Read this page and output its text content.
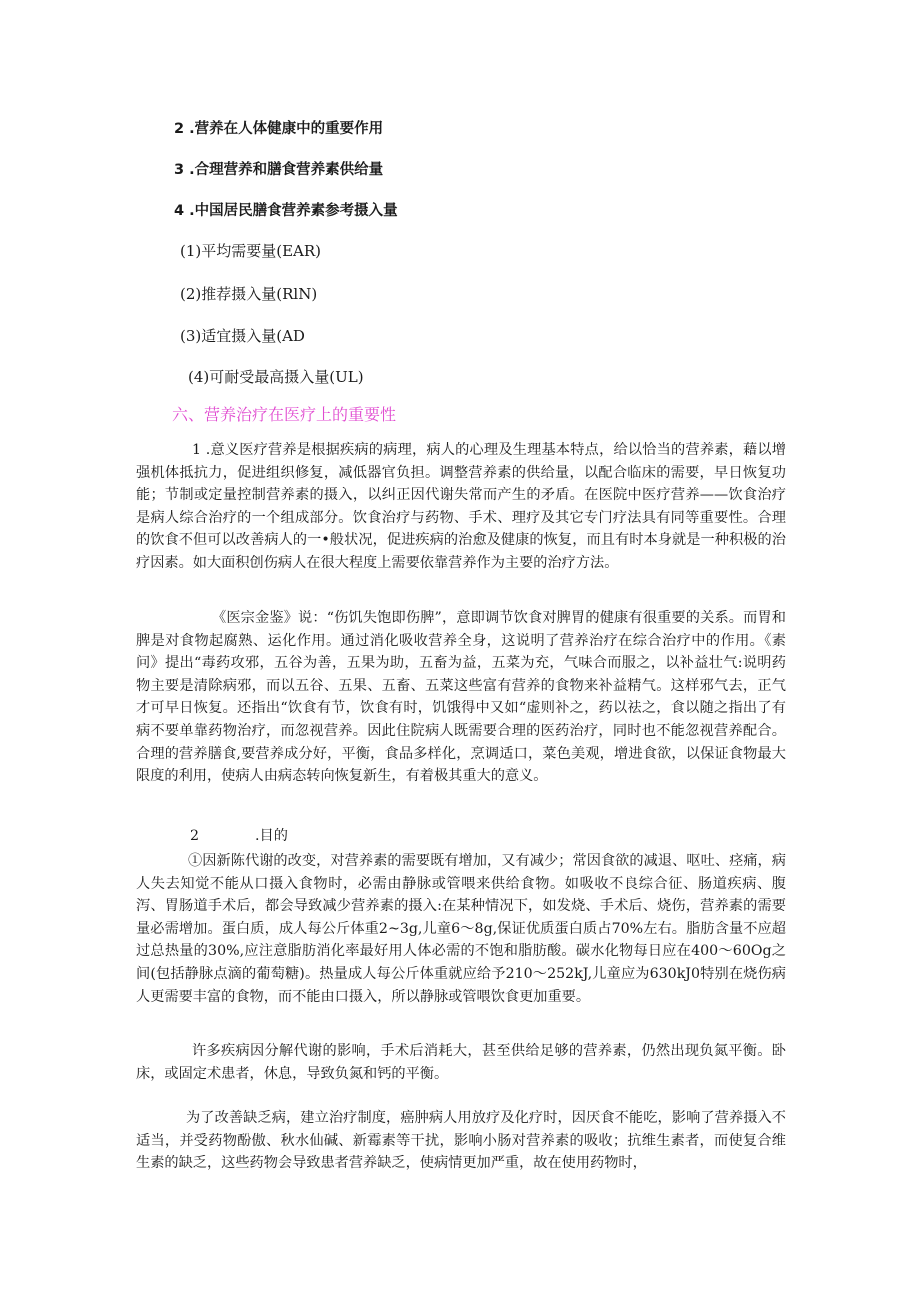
2 .营养在人体健康中的重要作用
3 .合理营养和膳食营养素供给量
4 .中国居民膳食营养素参考摄入量
(1)平均需要量(EAR)
(2)推荐摄入量(RlN)
(3)适宜摄入量(AD
(4)可耐受最高摄入量(UL)
六、营养治疗在医疗上的重要性

1 .意义医疗营养是根据疾病的病理，病人的心理及生理基本特点，给以恰当的营养素，藉以增强机体抵抗力，促进组织修复，减低器官负担。调整营养素的供给量，以配合临床的需要，早日恢复功能；节制或定量控制营养素的摄入，以纠正因代谢失常而产生的矛盾。在医院中医疗营养——饮食治疗是病人综合治疗的一个组成部分。饮食治疗与药物、手术、理疗及其它专门疗法具有同等重要性。合理的饮食不但可以改善病人的一•般状况，促进疾病的治愈及健康的恢复，而且有时本身就是一种积极的治疗因素。如大面积创伤病人在很大程度上需要依靠营养作为主要的治疗方法。

《医宗金鉴》说：“伤饥失饱即伤脾”，意即调节饮食对脾胃的健康有很重要的关系。而胃和脾是对食物起腐熟、运化作用。通过消化吸收营养全身，这说明了营养治疗在综合治疗中的作用。《素问》提出“毒药攻邪，五谷为善，五果为助，五畜为益，五菜为充，气味合而服之，以补益壮气:说明药物主要是清除病邪，而以五谷、五果、五畜、五菜这些富有营养的食物来补益精气。这样邪气去，正气才可早日恢复。还指出“饮食有节，饮食有时，饥饿得中又如“虚则补之，药以祛之，食以随之指出了有病不要单靠药物治疗，而忽视营养。因此住院病人既需要合理的医药治疗，同时也不能忽视营养配合。合理的营养膳食,要营养成分好，平衡，食品多样化，烹调适口，菜色美观，增进食欲，以保证食物最大限度的利用，使病人由病态转向恢复新生，有着极其重大的意义。

2	.目的

①因新陈代谢的改变，对营养素的需要既有增加，又有减少；常因食欲的减退、呕吐、痉痛，病人失去知觉不能从口摄入食物时，必需由静脉或管喂来供给食物。如吸收不良综合征、肠道疾病、腹泻、胃肠道手术后，都会导致减少营养素的摄入:在某种情况下，如发烧、手术后、烧伤，营养素的需要量必需增加。蛋白质，成人每公斤体重2~3g,儿童6〜8g,保证优质蛋白质占70%左右。脂肪含量不应超过总热量的30%,应注意脂肪消化率最好用人体必需的不饱和脂肪酸。碳水化物每日应在400〜60Og之间(包括静脉点滴的葡萄糖)。热量成人每公斤体重就应给予210〜252kJ,儿童应为630kJ0特别在烧伤病人更需要丰富的食物，而不能由口摄入，所以静脉或管喂饮食更加重要。

许多疾病因分解代谢的影响，手术后消耗大，甚至供给足够的营养素，仍然出现负氮平衡。卧床，或固定术患者，休息，导致负氮和钙的平衡。

为了改善缺乏病，建立治疗制度，癌肿病人用放疗及化疗时，因厌食不能吃，影响了营养摄入不适当，并受药物酚傲、秋水仙碱、新霉素等干扰，影响小肠对营养素的吸收；抗维生素者，而使复合维生素的缺乏，这些药物会导致患者营养缺乏，使病情更加严重，故在使用药物时，
